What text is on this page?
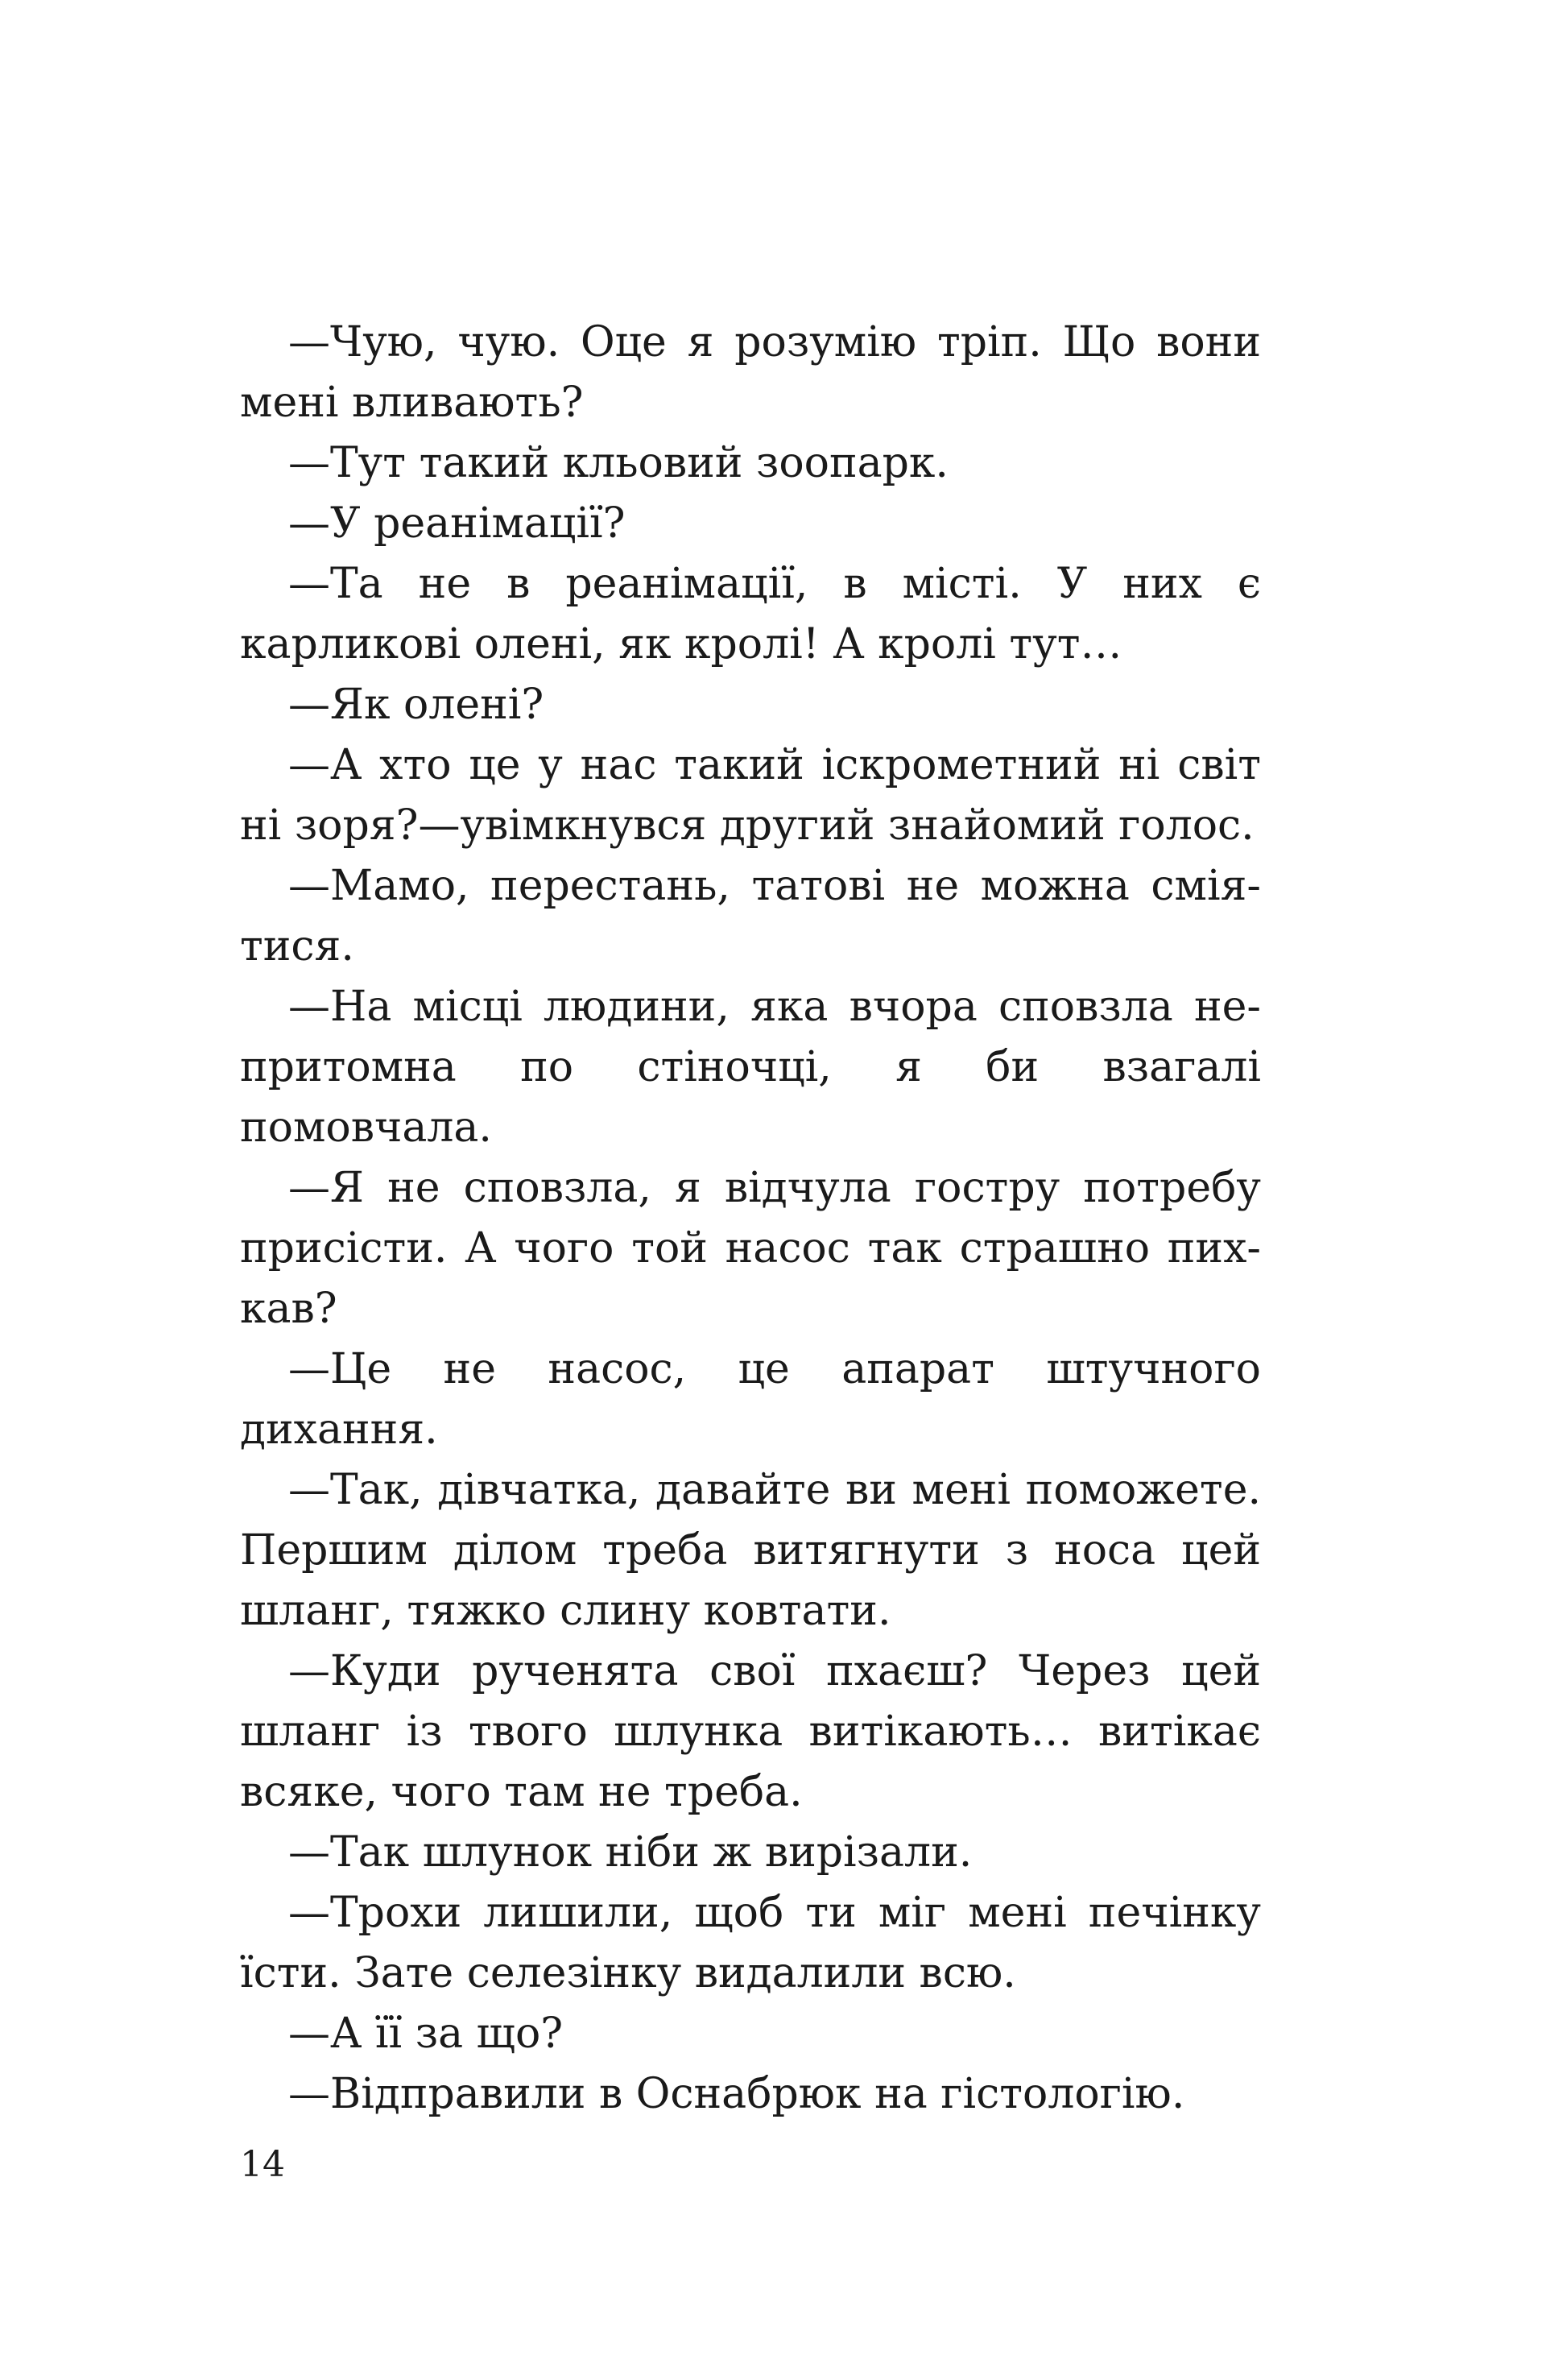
—Чую, чую. Оце я розумію тріп. Що вони мені вливають?

—Тут такий кльовий зоопарк.

—У реанімації?

—Та не в реанімації, в місті. У них є карликові олені, як кролі! А кролі тут…

—Як олені?

—А хто це у нас такий іскрометний ні світ ні зоря?—увімкнувся другий знайомий голос.

—Мамо, перестань, татові не можна сміятися.

—На місці людини, яка вчора сповзла непритомна по стіночці, я би взагалі помовчала.

—Я не сповзла, я відчула гостру потребу присісти. А чого той насос так страшно пихкав?

—Це не насос, це апарат штучного дихання.

—Так, дівчатка, давайте ви мені поможете. Першим ділом треба витягнути з носа цей шланг, тяжко слину ковтати.

—Куди рученята свої пхаєш? Через цей шланг із твого шлунка витікають… витікає всяке, чого там не треба.

—Так шлунок ніби ж вирізали.

—Трохи лишили, щоб ти міг мені печінку їсти. Зате селезінку видалили всю.

—А її за що?

—Відправили в Оснабрюк на гістологію.

14
